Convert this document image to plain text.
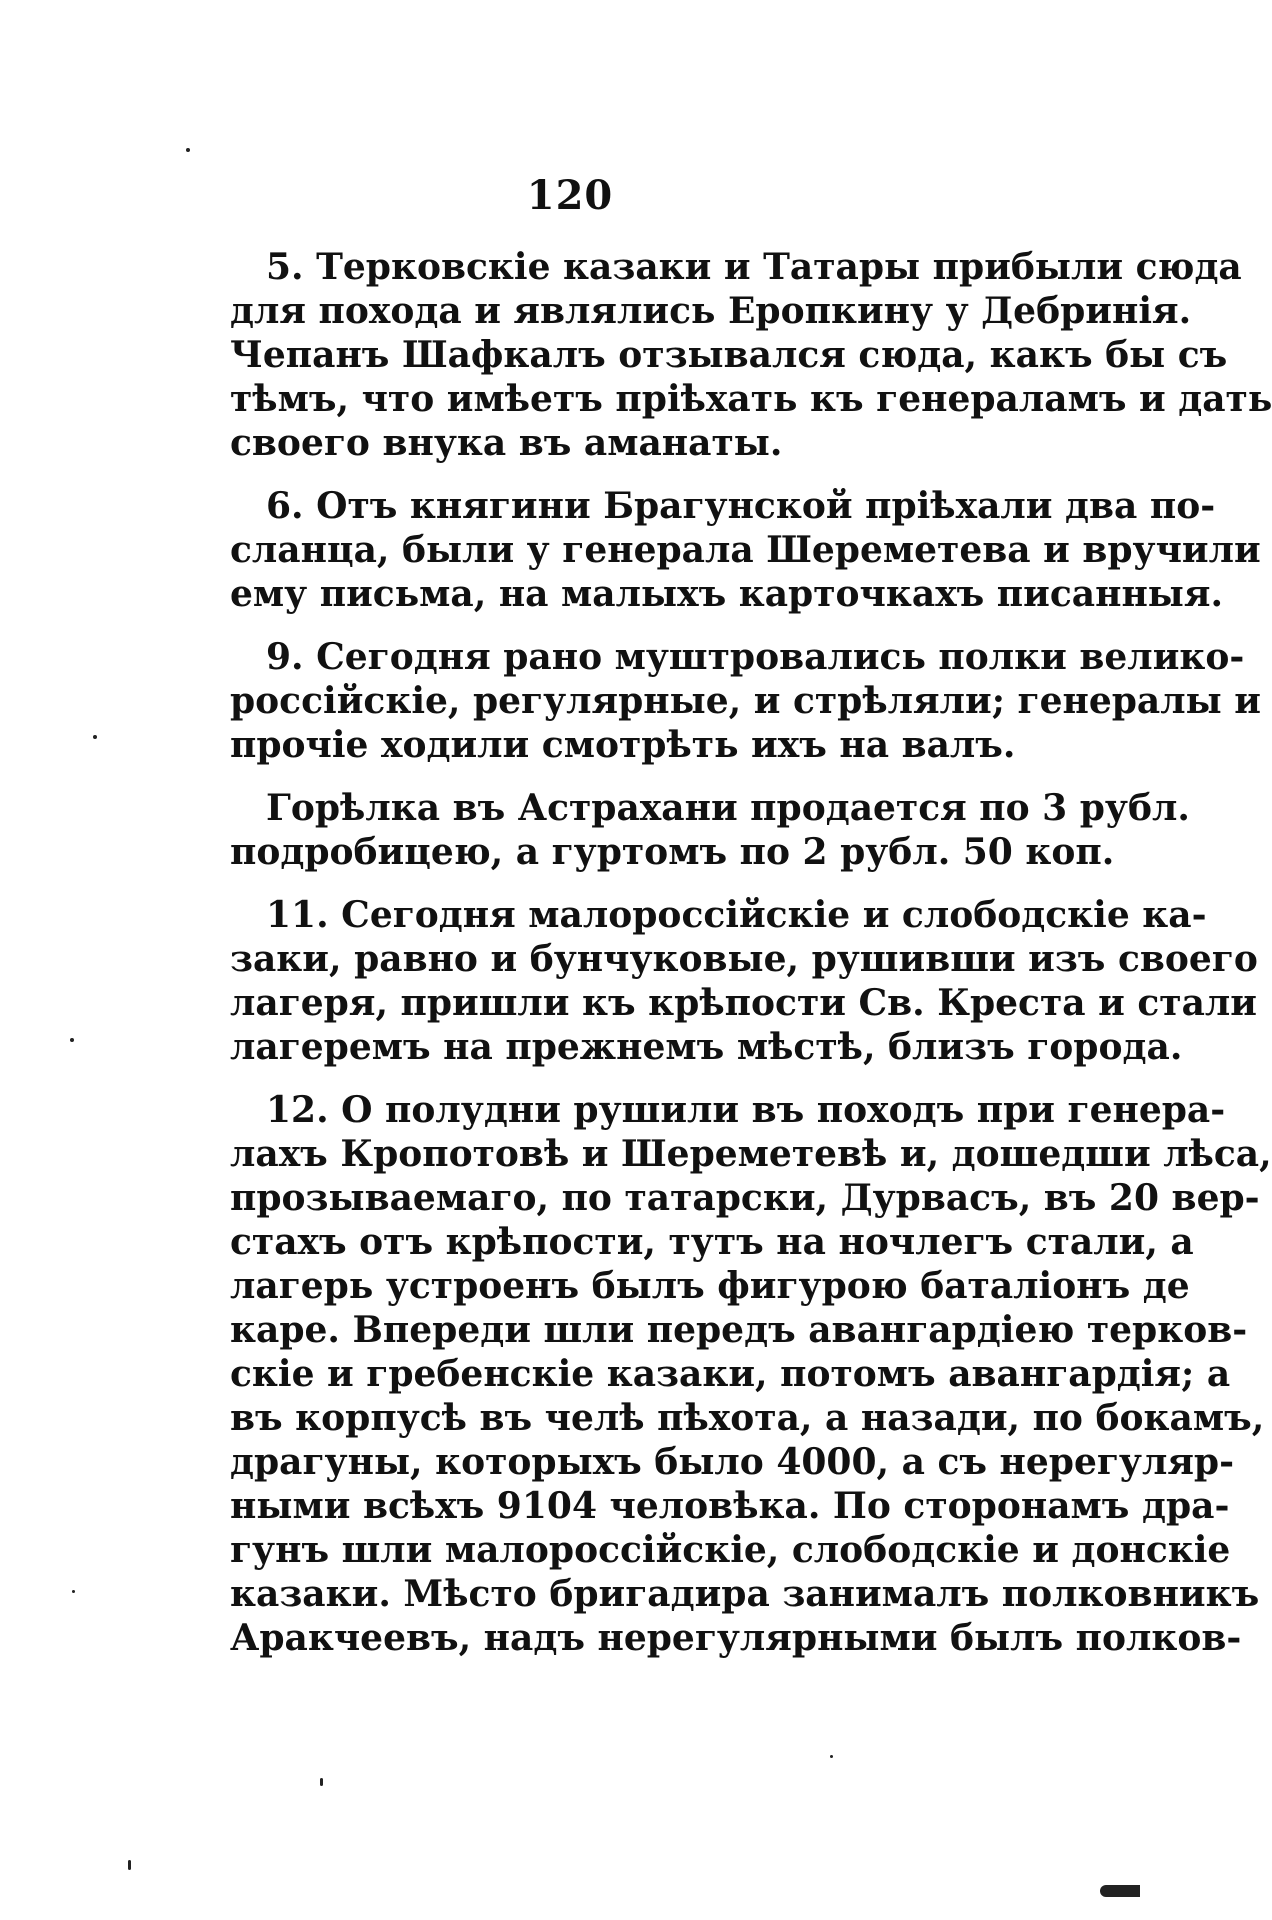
120
5. Терковскіе казаки и Татары прибыли сюда
для похода и являлись Еропкину у Дебринія.
Чепанъ Шафкалъ отзывался сюда, какъ бы съ
тѣмъ, что имѣетъ пріѣхать къ генераламъ и дать
своего внука въ аманаты.
6. Отъ княгини Брагунской пріѣхали два по-
сланца, были у генерала Шереметева и вручили
ему письма, на малыхъ карточкахъ писанныя.
9. Сегодня рано муштровались полки велико-
россійскіе, регулярные, и стрѣляли; генералы и
прочіе ходили смотрѣть ихъ на валъ.
Горѣлка въ Астрахани продается по 3 рубл.
подробицею, а гуртомъ по 2 рубл. 50 коп.
11. Сегодня малороссійскіе и слободскіе ка-
заки, равно и бунчуковые, рушивши изъ своего
лагеря, пришли къ крѣпости Св. Креста и стали
лагеремъ на прежнемъ мѣстѣ, близъ города.
12. О полудни рушили въ походъ при генера-
лахъ Кропотовѣ и Шереметевѣ и, дошедши лѣса,
прозываемаго, по татарски, Дурвасъ, въ 20 вер-
стахъ отъ крѣпости, тутъ на ночлегъ стали, а
лагерь устроенъ былъ фигурою баталіонъ де
каре. Впереди шли передъ авангардіею терков-
скіе и гребенскіе казаки, потомъ авангардія; а
въ корпусѣ въ челѣ пѣхота, а назади, по бокамъ,
драгуны, которыхъ было 4000, а съ нерегуляр-
ными всѣхъ 9104 человѣка. По сторонамъ дра-
гунъ шли малороссійскіе, слободскіе и донскіе
казаки. Мѣсто бригадира занималъ полковникъ
Аракчеевъ, надъ нерегулярными былъ полков-
